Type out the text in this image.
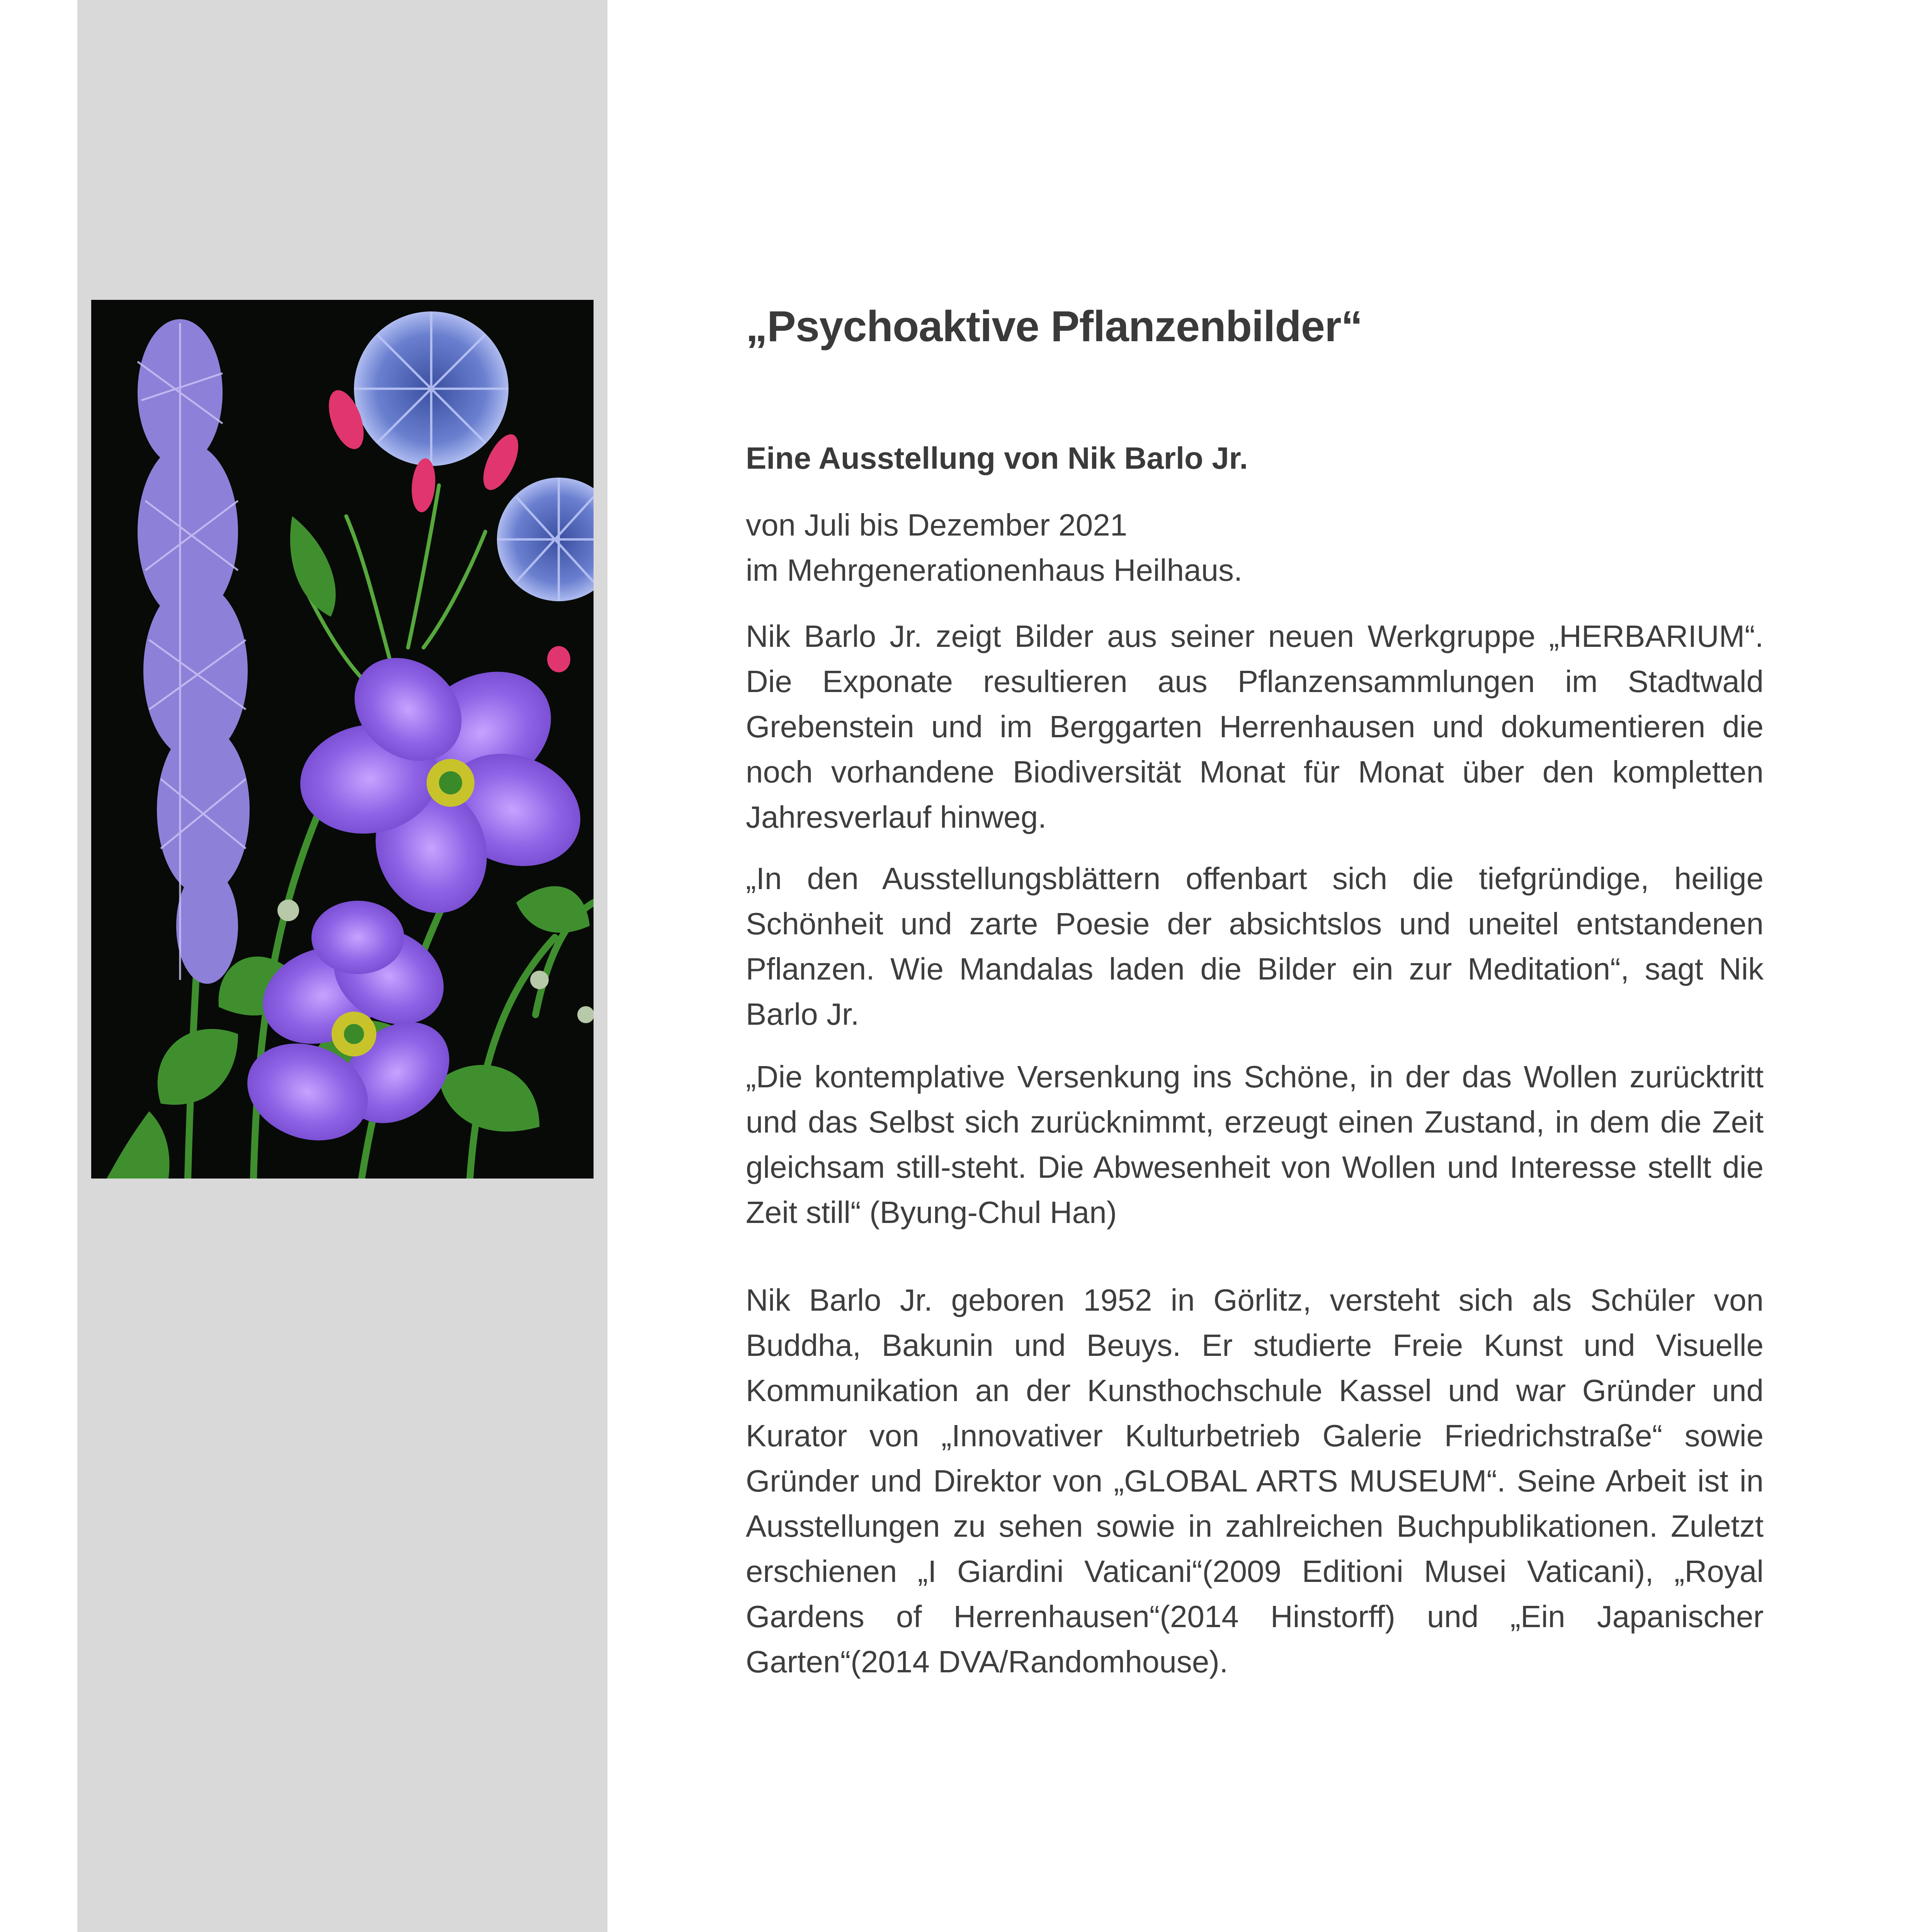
„Psychoaktive Pflanzenbilder“
Eine Ausstellung von Nik Barlo Jr.

von Juli bis Dezember 2021
im Mehrgenerationenhaus Heilhaus.

Nik Barlo Jr. zeigt Bilder aus seiner neuen Werkgruppe „HERBARIUM“. Die Exponate resultieren aus Pflanzensammlungen im Stadtwald Grebenstein und im Berggarten Herrenhausen und dokumentieren die noch vorhandene Biodiversität Monat für Monat über den kompletten Jahresverlauf hinweg.

„In den Ausstellungsblättern offenbart sich die tiefgründige, heilige Schönheit und zarte Poesie der absichtslos und uneitel entstandenen Pflanzen. Wie Mandalas laden die Bilder ein zur Meditation“, sagt Nik Barlo Jr.

„Die kontemplative Versenkung ins Schöne, in der das Wollen zurücktritt und das Selbst sich zurücknimmt, erzeugt einen Zustand, in dem die Zeit gleichsam still-steht. Die Abwesenheit von Wollen und Interesse stellt die Zeit still“ (Byung-Chul Han)

Nik Barlo Jr. geboren 1952 in Görlitz, versteht sich als Schüler von Buddha, Bakunin und Beuys. Er studierte Freie Kunst und Visuelle Kommunikation an der Kunsthochschule Kassel und war Gründer und Kurator von „Innovativer Kulturbetrieb Galerie Friedrichstraße“ sowie Gründer und Direktor von „GLOBAL ARTS MUSEUM“. Seine Arbeit ist in Ausstellungen zu sehen sowie in zahlreichen Buchpublikationen. Zuletzt erschienen „I Giardini Vaticani“(2009 Editioni Musei Vaticani), „Royal Gardens of Herrenhausen“(2014 Hinstorff) und „Ein Japanischer Garten“(2014 DVA/Randomhouse).
